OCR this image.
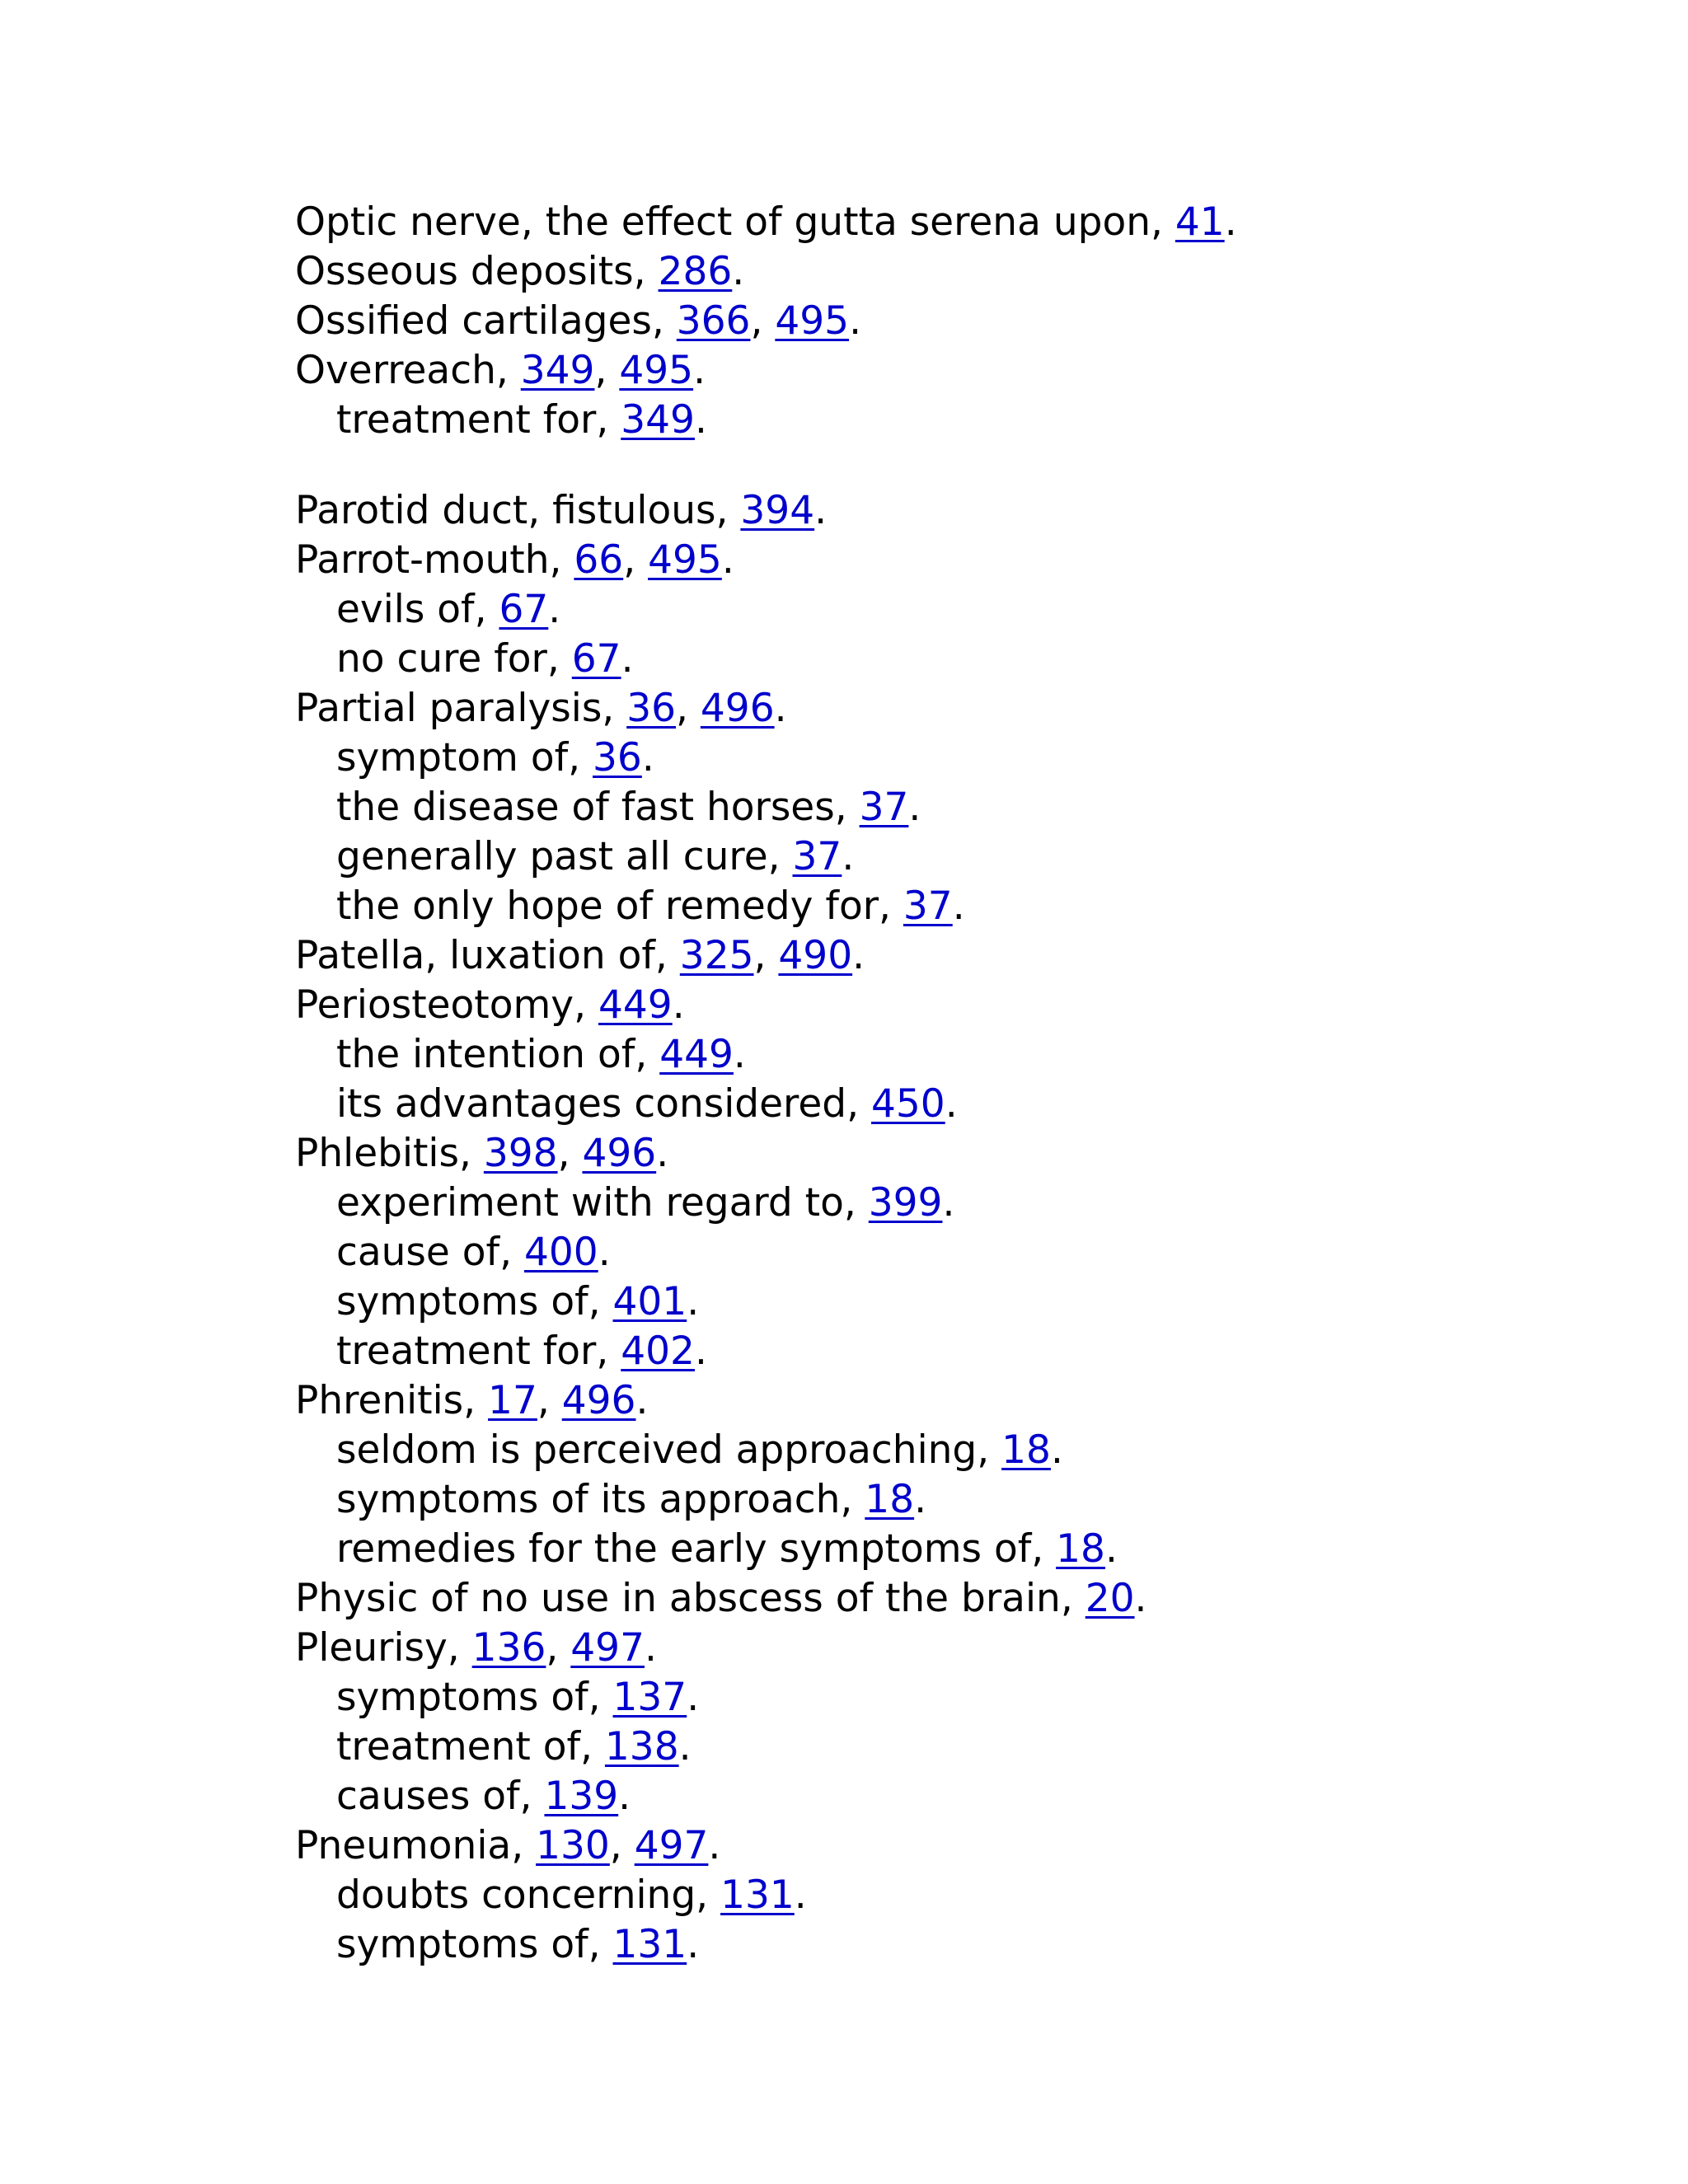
Optic nerve, the effect of gutta serena upon, 41.
Osseous deposits, 286.
Ossified cartilages, 366, 495.
Overreach, 349, 495.
treatment for, 349.
Parotid duct, fistulous, 394.
Parrot-mouth, 66, 495.
evils of, 67.
no cure for, 67.
Partial paralysis, 36, 496.
symptom of, 36.
the disease of fast horses, 37.
generally past all cure, 37.
the only hope of remedy for, 37.
Patella, luxation of, 325, 490.
Periosteotomy, 449.
the intention of, 449.
its advantages considered, 450.
Phlebitis, 398, 496.
experiment with regard to, 399.
cause of, 400.
symptoms of, 401.
treatment for, 402.
Phrenitis, 17, 496.
seldom is perceived approaching, 18.
symptoms of its approach, 18.
remedies for the early symptoms of, 18.
Physic of no use in abscess of the brain, 20.
Pleurisy, 136, 497.
symptoms of, 137.
treatment of, 138.
causes of, 139.
Pneumonia, 130, 497.
doubts concerning, 131.
symptoms of, 131.
